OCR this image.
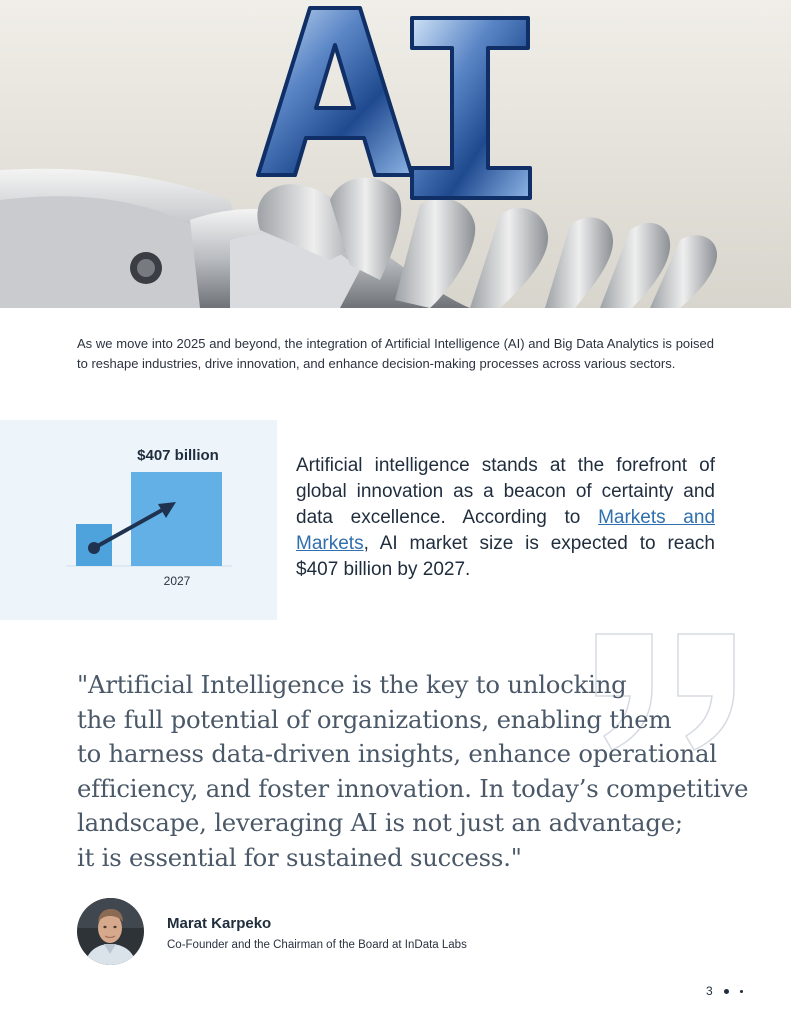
As we move into 2025 and beyond, the integration of Artificial Intelligence (AI) and Big Data Analytics is poised to reshape industries, drive innovation, and enhance decision-making processes across various sectors.

$407 billion
2027

Artificial intelligence stands at the forefront of global innovation as a beacon of certainty and data excellence. According to Markets and Markets, AI market size is expected to reach $407 billion by 2027.

"Artificial Intelligence is the key to unlocking
the full potential of organizations, enabling them
to harness data-driven insights, enhance operational
efficiency, and foster innovation. In today’s competitive
landscape, leveraging AI is not just an advantage;
it is essential for sustained success."
Marat Karpeko
Co-Founder and the Chairman of the Board at InData Labs
3
